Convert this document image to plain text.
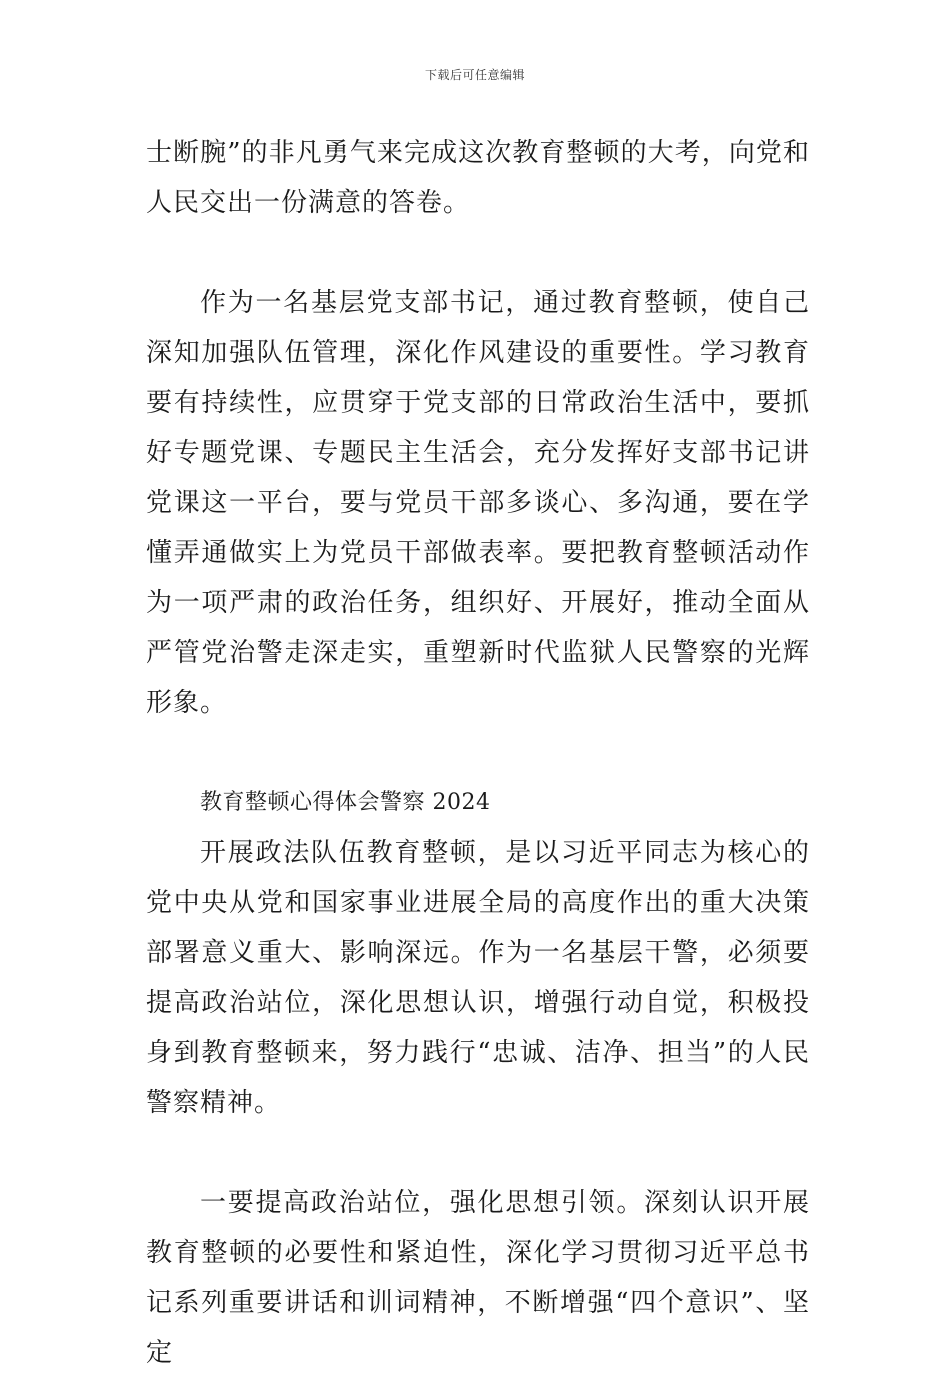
下载后可任意编辑

士断腕”的非凡勇气来完成这次教育整顿的大考，向党和人民交出一份满意的答卷。

作为一名基层党支部书记，通过教育整顿，使自己深知加强队伍管理，深化作风建设的重要性。学习教育要有持续性，应贯穿于党支部的日常政治生活中，要抓好专题党课、专题民主生活会，充分发挥好支部书记讲党课这一平台，要与党员干部多谈心、多沟通，要在学懂弄通做实上为党员干部做表率。要把教育整顿活动作为一项严肃的政治任务，组织好、开展好，推动全面从严管党治警走深走实，重塑新时代监狱人民警察的光辉形象。

教育整顿心得体会警察 2024

开展政法队伍教育整顿，是以习近平同志为核心的党中央从党和国家事业进展全局的高度作出的重大决策部署意义重大、影响深远。作为一名基层干警，必须要提高政治站位，深化思想认识，增强行动自觉，积极投身到教育整顿来，努力践行“忠诚、洁净、担当”的人民警察精神。

一要提高政治站位，强化思想引领。深刻认识开展教育整顿的必要性和紧迫性，深化学习贯彻习近平总书记系列重要讲话和训词精神，不断增强“四个意识”、坚定
